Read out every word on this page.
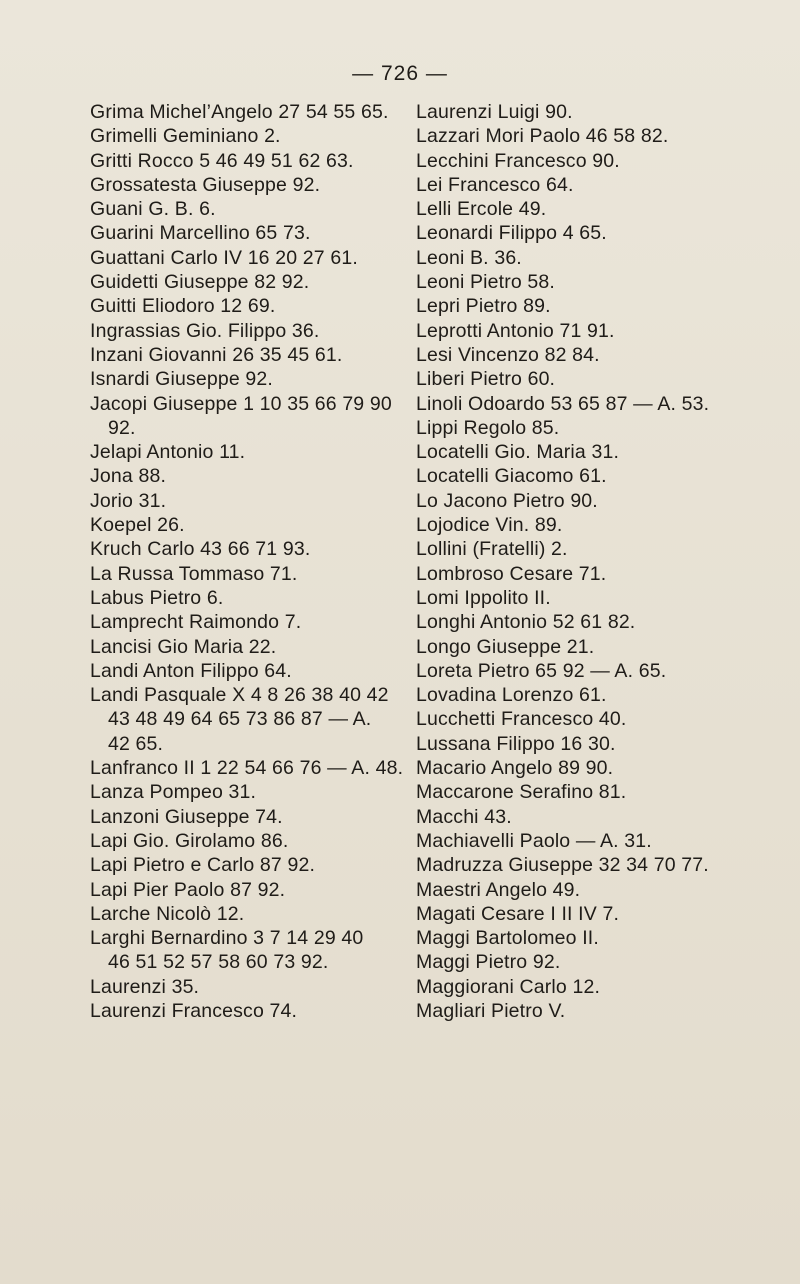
— 726 —
Grima Michel’Angelo 27 54 55 65.
Grimelli Geminiano 2.
Gritti Rocco 5 46 49 51 62 63.
Grossatesta Giuseppe 92.
Guani G. B. 6.
Guarini Marcellino 65 73.
Guattani Carlo IV 16 20 27 61.
Guidetti Giuseppe 82 92.
Guitti Eliodoro 12 69.
Ingrassias Gio. Filippo 36.
Inzani Giovanni 26 35 45 61.
Isnardi Giuseppe 92.
Jacopi Giuseppe 1 10 35 66 79 90
92.
Jelapi Antonio 11.
Jona 88.
Jorio 31.
Koepel 26.
Kruch Carlo 43 66 71 93.
La Russa Tommaso 71.
Labus Pietro 6.
Lamprecht Raimondo 7.
Lancisi Gio Maria 22.
Landi Anton Filippo 64.
Landi Pasquale X 4 8 26 38 40 42
43 48 49 64 65 73 86 87 — A.
42 65.
Lanfranco II 1 22 54 66 76 — A. 48.
Lanza Pompeo 31.
Lanzoni Giuseppe 74.
Lapi Gio. Girolamo 86.
Lapi Pietro e Carlo 87 92.
Lapi Pier Paolo 87 92.
Larche Nicolò 12.
Larghi Bernardino 3 7 14 29 40
46 51 52 57 58 60 73 92.
Laurenzi 35.
Laurenzi Francesco 74.
Laurenzi Luigi 90.
Lazzari Mori Paolo 46 58 82.
Lecchini Francesco 90.
Lei Francesco 64.
Lelli Ercole 49.
Leonardi Filippo 4 65.
Leoni B. 36.
Leoni Pietro 58.
Lepri Pietro 89.
Leprotti Antonio 71 91.
Lesi Vincenzo 82 84.
Liberi Pietro 60.
Linoli Odoardo 53 65 87 — A. 53.
Lippi Regolo 85.
Locatelli Gio. Maria 31.
Locatelli Giacomo 61.
Lo Jacono Pietro 90.
Lojodice Vin. 89.
Lollini (Fratelli) 2.
Lombroso Cesare 71.
Lomi Ippolito II.
Longhi Antonio 52 61 82.
Longo Giuseppe 21.
Loreta Pietro 65 92 — A. 65.
Lovadina Lorenzo 61.
Lucchetti Francesco 40.
Lussana Filippo 16 30.
Macario Angelo 89 90.
Maccarone Serafino 81.
Macchi 43.
Machiavelli Paolo — A. 31.
Madruzza Giuseppe 32 34 70 77.
Maestri Angelo 49.
Magati Cesare I II IV 7.
Maggi Bartolomeo II.
Maggi Pietro 92.
Maggiorani Carlo 12.
Magliari Pietro V.
